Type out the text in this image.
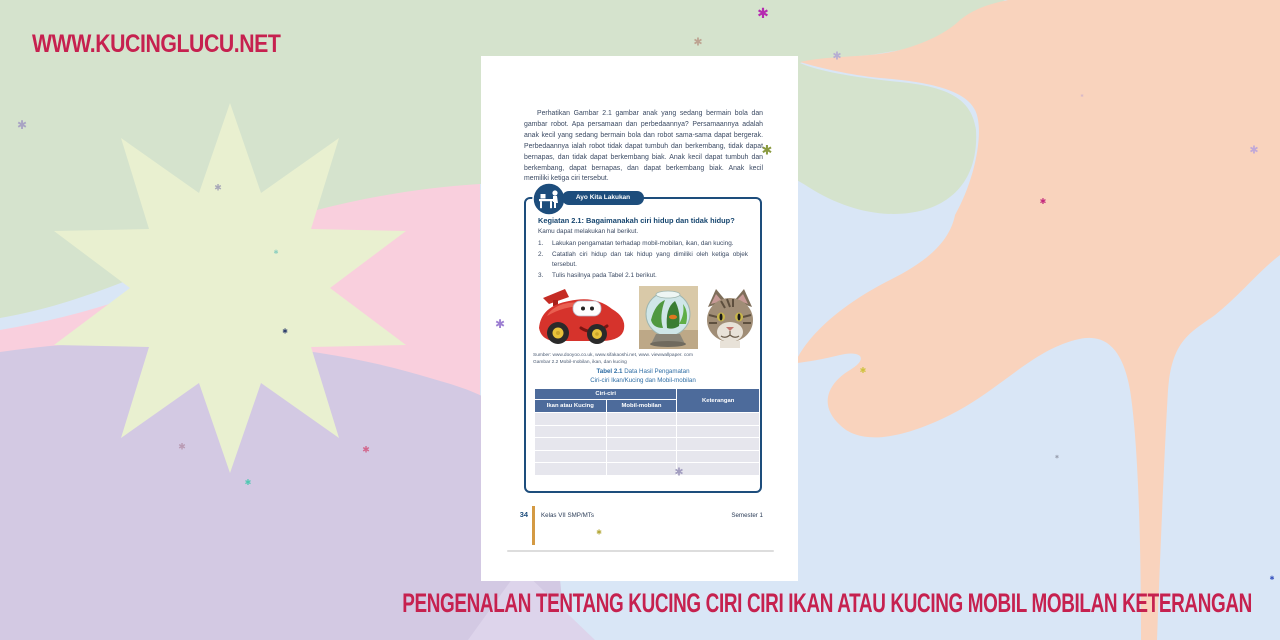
WWW.KUCINGLUCU.NET
Perhatikan Gambar 2.1 gambar anak yang sedang bermain bola dan gambar robot. Apa persamaan dan perbedaannya? Persamaannya adalah anak kecil yang sedang bermain bola dan robot sama-sama dapat bergerak. Perbedaannya ialah robot tidak dapat tumbuh dan berkembang, tidak dapat bernapas, dan tidak dapat berkembang biak. Anak kecil dapat tumbuh dan berkembang, dapat bernapas, dan dapat berkembang biak. Anak kecil memiliki ketiga ciri tersebut.
Ayo Kita Lakukan
Kegiatan 2.1: Bagaimanakah ciri hidup dan tidak hidup?
Kamu dapat melakukan hal berikut.
1.	Lakukan pengamatan terhadap mobil-mobilan, ikan, dan kucing.
2.	Catatlah ciri hidup dan tak hidup yang dimiliki oleh ketiga objek tersebut.
3.	Tulis hasilnya pada Tabel 2.1 berikut.
Sumber: www.dooyoo.co.uk, www.sifakaoshi.net, www. viewwallpaper. com
Gambar 2.2 Mobil-mobilan, ikan, dan kucing
Tabel 2.1 Data Hasil Pengamatan
Ciri-ciri Ikan/Kucing dan Mobil-mobilan
Ciri-ciri		Keterangan
Ikan atau Kucing	Mobil-mobilan	

34 Kelas VII SMP/MTs	Semester 1
✱
✱
✱
✱
✱	✱
✱
✱
✱
✱
✱
✱
✱
✱
✱
✱
✱
✱
✱
✱
PENGENALAN TENTANG KUCING CIRI CIRI IKAN ATAU KUCING MOBIL MOBILAN KETERANGAN
